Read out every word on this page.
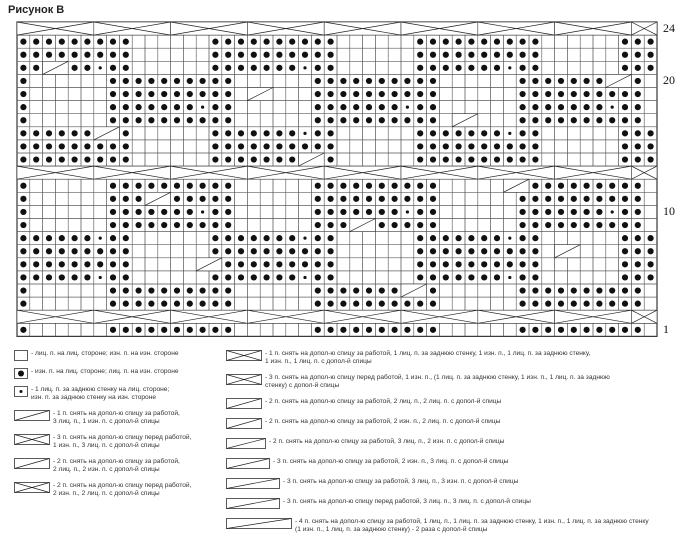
Рисунок В
24
20
10
1
- лиц. п. на лиц. стороне; изн. п. на изн. стороне
- изн. п. на лиц. стороне; лиц. п. на изн. стороне
- 1 лиц. п. за заднюю стенку на лиц. стороне;
изн. п. за заднюю стенку на изн. стороне
- 1 п. снять на допол-ю спицу за работой,
3 лиц. п., 1 изн. п. с допол-й спицы
- 3 п. снять на допол-ю спицу перед работой,
1 изн. п., 3 лиц. п. с допол-й спицы
- 2 п. снять на допол-ю спицу за работой,
2 лиц. п., 2 изн. п. с допол-й спицы
- 2 п. снять на допол-ю спицу перед работой,
2 изн. п., 2 лиц. п. с допол-й спицы
- 1 п. снять на допол-ю спицу за работой, 1 лиц. п. за заднюю стенку, 1 изн. п., 1 лиц. п. за заднюю стенку,
1 изн. п., 1 лиц. п. с допол-й спицы
- 3 п. снять на допол-ю спицу перед работой, 1 изн. п., (1 лиц. п. за заднюю стенку, 1 изн. п., 1 лиц. п. за заднюю
стенку) с допол-й спицы
- 2 п. снять на допол-ю спицу за работой, 2 лиц. п., 2 лиц. п. с допол-й спицы
- 2 п. снять на допол-ю спицу за работой, 2 изн. п., 2 лиц. п. с допол-й спицы
- 2 п. снять на допол-ю спицу за работой, 3 лиц. п., 2 изн. п. с допол-й спицы
- 3 п. снять на допол-ю спицу за работой, 2 изн. п., 3 лиц. п. с допол-й спицы
- 3 п. снять на допол-ю спицу за работой, 3 лиц. п., 3 изн. п. с допол-й спицы
- 3 п. снять на допол-ю спицу перед работой, 3 лиц. п., 3 лиц. п. с допол-й спицы
- 4 п. снять на допол-ю спицу за работой, 1 лиц. п., 1 лиц. п. за заднюю стенку, 1 изн. п., 1 лиц. п. за заднюю стенку
(1 изн. п., 1 лиц. п. за заднюю стенку) - 2 раза с допол-й спицы
